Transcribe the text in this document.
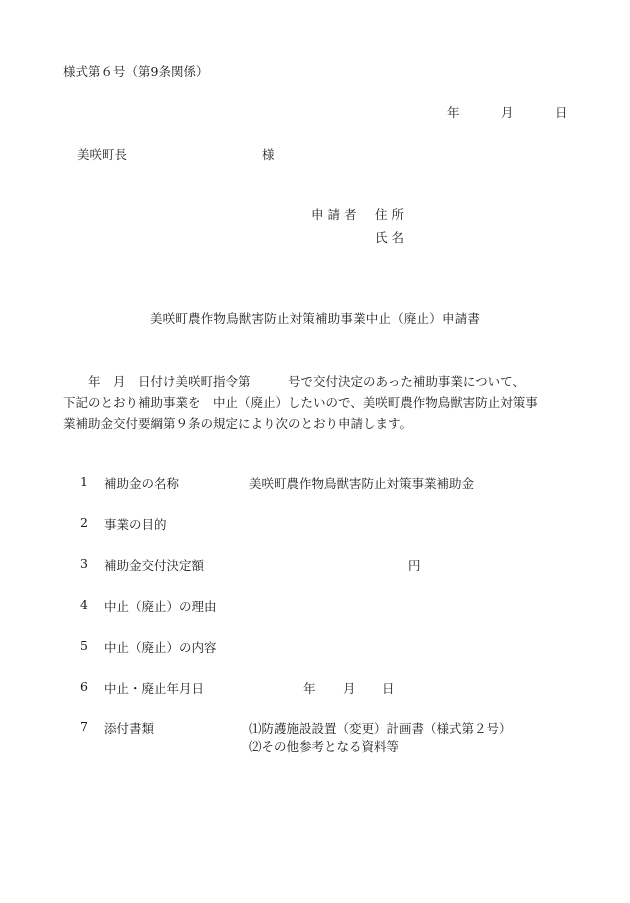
様式第６号（第9条関係）
年	月	日
美咲町長	様
申 請 者 住 所
氏 名
美咲町農作物鳥獣害防止対策補助事業中止（廃止）申請書

　　年　月　日付け美咲町指令第　　　号で交付決定のあった補助事業について、

下記のとおり補助事業を　中止（廃止）したいので、美咲町農作物鳥獣害防止対策事

業補助金交付要綱第９条の規定により次のとおり申請します。

1 補助金の名称	美咲町農作物鳥獣害防止対策事業補助金
2 事業の目的
3 補助金交付決定額	円
4 中止（廃止）の理由
5 中止（廃止）の内容
6 中止・廃止年月日	年 月 日
7 添付書類	⑴防護施設設置（変更）計画書（様式第２号）
⑵その他参考となる資料等
